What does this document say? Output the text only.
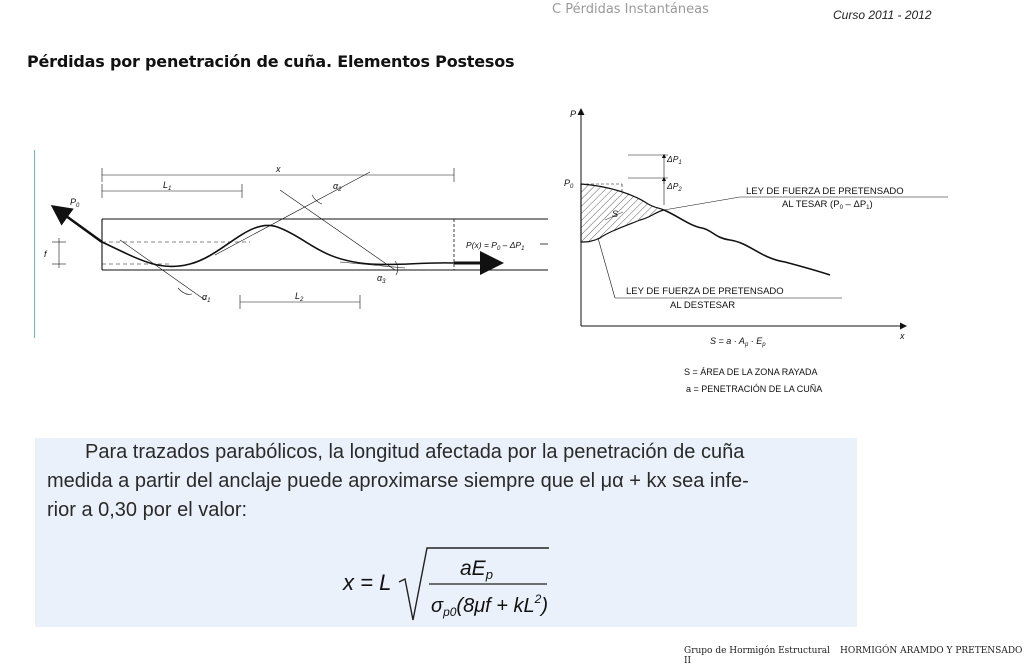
C Pérdidas Instantáneas	Curso 2011 - 2012
Pérdidas por penetración de cuña. Elementos Postesos
x
$L_1$
$L_2$
$P_0$
f
$\alpha_1$
$\alpha_2$
$\alpha_3$
$P(x) = P_0 - \Delta P_1$
P
x
$P_0$
$\Delta P_1$
$\Delta P_2$
S
LEY DE FUERZA DE PRETENSADO
AL TESAR $(P_0 - \Delta P_1)$
LEY DE FUERZA DE PRETENSADO
AL DESTESAR
$S = a \cdot A_p \cdot E_p$
S = ÁREA DE LA ZONA RAYADA
a = PENETRACIÓN DE LA CUÑA
Para trazados parabólicos, la longitud afectada por la penetración de cuña
medida a partir del anclaje puede aproximarse siempre que el μα + kx sea infe-
rior a 0,30 por el valor:
x = L
aEp
$\sigma_{p0}(8\mu f + kL^2)$
Grupo de Hormigón Estructural HORMIGÓN ARAMDO Y PRETENSADO II
